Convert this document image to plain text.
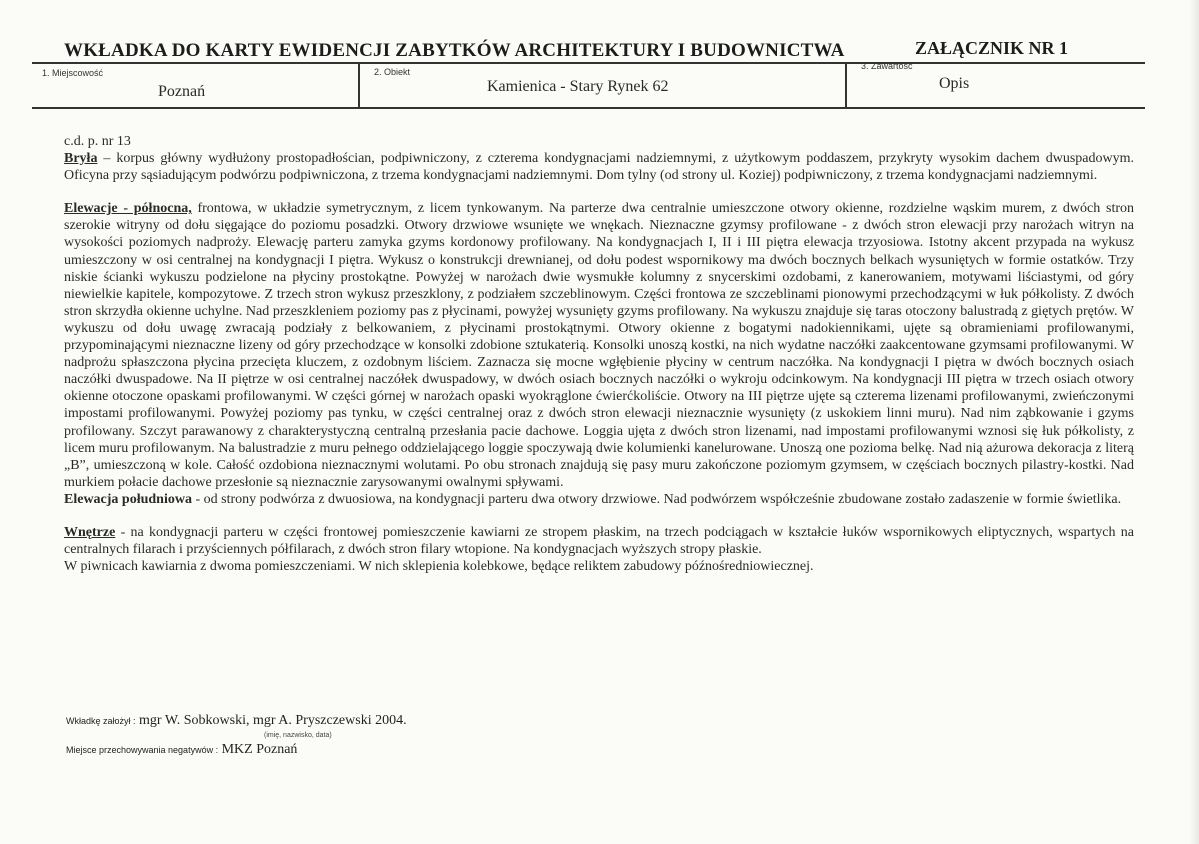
WKŁADKA DO KARTY EWIDENCJI ZABYTKÓW ARCHITEKTURY I BUDOWNICTWA	ZAŁĄCZNIK NR 1
1. Miejscowość
Poznań
2. Obiekt
Kamienica - Stary Rynek 62
3. Zawartość
Opis

c.d. p. nr 13

Bryła – korpus główny wydłużony prostopadłościan, podpiwniczony, z czterema kondygnacjami nadziemnymi, z użytkowym poddaszem, przykryty wysokim dachem dwuspadowym. Oficyna przy sąsiadującym podwórzu podpiwniczona, z trzema kondygnacjami nadziemnymi. Dom tylny (od strony ul. Koziej) podpiwniczony, z trzema kondygnacjami nadziemnymi.

Elewacje - północna, frontowa, w układzie symetrycznym, z licem tynkowanym. Na parterze dwa centralnie umieszczone otwory okienne, rozdzielne wąskim murem, z dwóch stron szerokie witryny od dołu sięgające do poziomu posadzki. Otwory drzwiowe wsunięte we wnękach. Nieznaczne gzymsy profilowane - z dwóch stron elewacji przy narożach witryn na wysokości poziomych nadproży. Elewację parteru zamyka gzyms kordonowy profilowany. Na kondygnacjach I, II i III piętra elewacja trzyosiowa. Istotny akcent przypada na wykusz umieszczony w osi centralnej na kondygnacji I piętra. Wykusz o konstrukcji drewnianej, od dołu podest wspornikowy ma dwóch bocznych belkach wysuniętych w formie ostatków. Trzy niskie ścianki wykuszu podzielone na płyciny prostokątne. Powyżej w narożach dwie wysmukłe kolumny z snycerskimi ozdobami, z kanerowaniem, motywami liściastymi, od góry niewielkie kapitele, kompozytowe. Z trzech stron wykusz przeszklony, z podziałem szczeblinowym. Części frontowa ze szczeblinami pionowymi przechodzącymi w łuk półkolisty. Z dwóch stron skrzydła okienne uchylne. Nad przeszkleniem poziomy pas z płycinami, powyżej wysunięty gzyms profilowany. Na wykuszu znajduje się taras otoczony balustradą z giętych prętów. W wykuszu od dołu uwagę zwracają podziały z belkowaniem, z płycinami prostokątnymi. Otwory okienne z bogatymi nadokiennikami, ujęte są obramieniami profilowanymi, przypominającymi nieznaczne lizeny od góry przechodzące w konsolki zdobione sztukaterią. Konsolki unoszą kostki, na nich wydatne naczółki zaakcentowane gzymsami profilowanymi. W nadprożu spłaszczona płycina przecięta kluczem, z ozdobnym liściem. Zaznacza się mocne wgłębienie płyciny w centrum naczółka. Na kondygnacji I piętra w dwóch bocznych osiach naczółki dwuspadowe. Na II piętrze w osi centralnej naczółek dwuspadowy, w dwóch osiach bocznych naczółki o wykroju odcinkowym. Na kondygnacji III piętra w trzech osiach otwory okienne otoczone opaskami profilowanymi. W części górnej w narożach opaski wyokrąglone ćwierćkoliście. Otwory na III piętrze ujęte są czterema lizenami profilowanymi, zwieńczonymi impostami profilowanymi. Powyżej poziomy pas tynku, w części centralnej oraz z dwóch stron elewacji nieznacznie wysunięty (z uskokiem linni muru). Nad nim ząbkowanie i gzyms profilowany. Szczyt parawanowy z charakterystyczną centralną przesłania pacie dachowe. Loggia ujęta z dwóch stron lizenami, nad impostami profilowanymi wznosi się łuk półkolisty, z licem muru profilowanym. Na balustradzie z muru pełnego oddzielającego loggie spoczywają dwie kolumienki kanelurowane. Unoszą one pozioma belkę. Nad nią ażurowa dekoracja z literą „B”, umieszczoną w kole. Całość ozdobiona nieznacznymi wolutami. Po obu stronach znajdują się pasy muru zakończone poziomym gzymsem, w częściach bocznych pilastry-kostki. Nad murkiem połacie dachowe przesłonie są nieznacznie zarysowanymi owalnymi spływami.

Elewacja południowa - od strony podwórza z dwuosiowa, na kondygnacji parteru dwa otwory drzwiowe. Nad podwórzem współcześnie zbudowane zostało zadaszenie w formie świetlika.

Wnętrze - na kondygnacji parteru w części frontowej pomieszczenie kawiarni ze stropem płaskim, na trzech podciągach w kształcie łuków wspornikowych eliptycznych, wspartych na centralnych filarach i przyściennych półfilarach, z dwóch stron filary wtopione. Na kondygnacjach wyższych stropy płaskie.

W piwnicach kawiarnia z dwoma pomieszczeniami. W nich sklepienia kolebkowe, będące reliktem zabudowy późnośredniowiecznej.

Wkładkę założył : mgr W. Sobkowski, mgr A. Pryszczewski 2004.
(imię, nazwisko, data)
Miejsce przechowywania negatywów : MKZ Poznań
